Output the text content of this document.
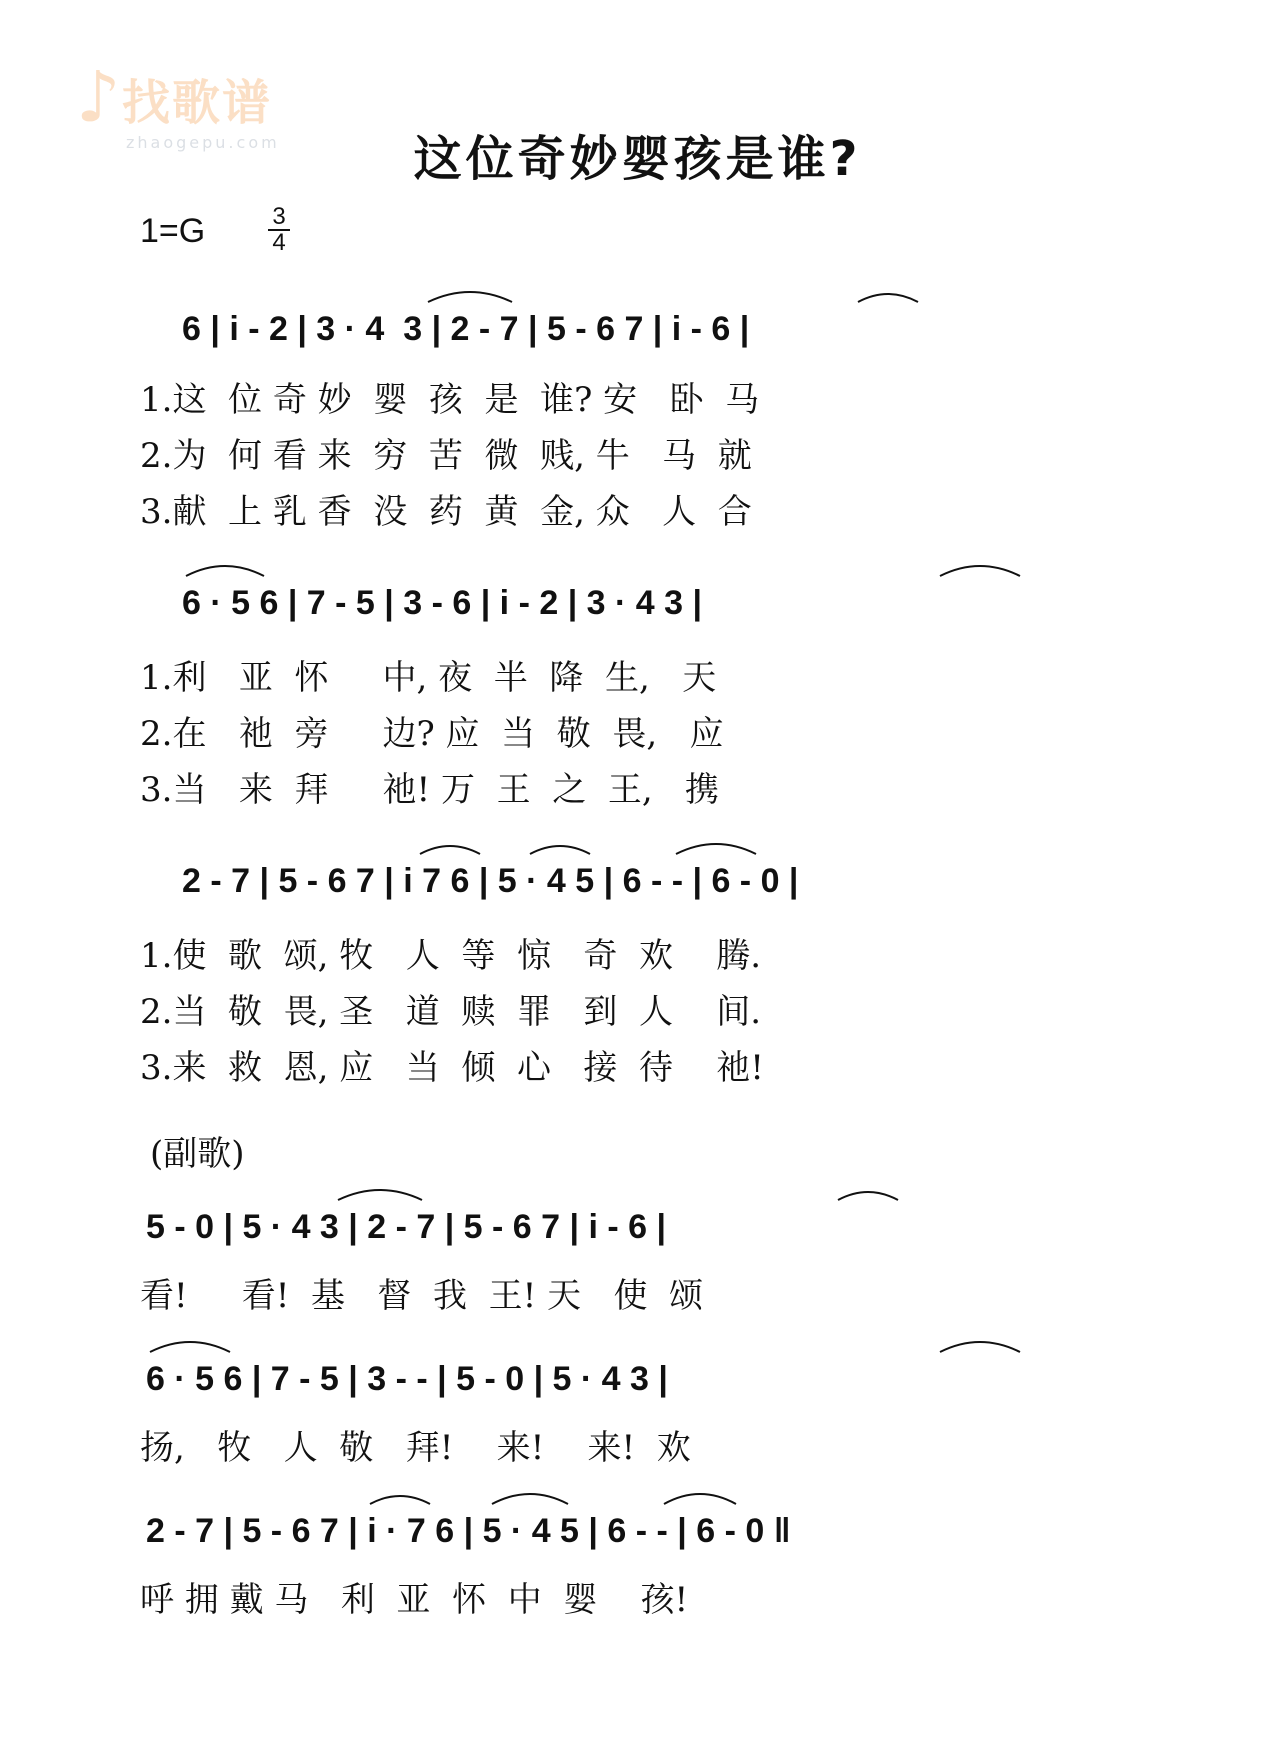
♪ 找歌谱
zhaogepu.com	这位奇妙婴孩是谁?
1=G	3
4
6 | i - 2 | 3 · 4  3 | 2 - 7 | 5 - 6 7 | i - 6 |
1.这  位 奇 妙  婴  孩  是  谁? 安   卧  马
2.为  何 看 来  穷  苦  微  贱, 牛   马  就
3.献  上 乳 香  没  药  黄  金, 众   人  合
6 · 5 6 | 7 - 5 | 3 - 6 | i - 2 | 3 · 4 3 |
1.利   亚  怀     中, 夜  半  降  生,   天
2.在   祂  旁     边? 应  当  敬  畏,   应
3.当   来  拜     祂! 万  王  之  王,   携
2 - 7 | 5 - 6 7 | i 7 6 | 5 · 4 5 | 6 - - | 6 - 0 |
1.使  歌  颂, 牧   人  等  惊   奇  欢    腾.
2.当  敬  畏, 圣   道  赎  罪   到  人    间.
3.来  救  恩, 应   当  倾  心   接  待    祂!
(副歌)
5 - 0 | 5 · 4 3 | 2 - 7 | 5 - 6 7 | i - 6 |
看!     看!  基   督  我  王! 天   使  颂
6 · 5 6 | 7 - 5 | 3 - - | 5 - 0 | 5 · 4 3 |
扬,   牧   人  敬   拜!    来!    来!  欢
2 - 7 | 5 - 6 7 | i · 7 6 | 5 · 4 5 | 6 - - | 6 - 0 ‖
呼 拥 戴 马   利  亚  怀  中  婴    孩!
